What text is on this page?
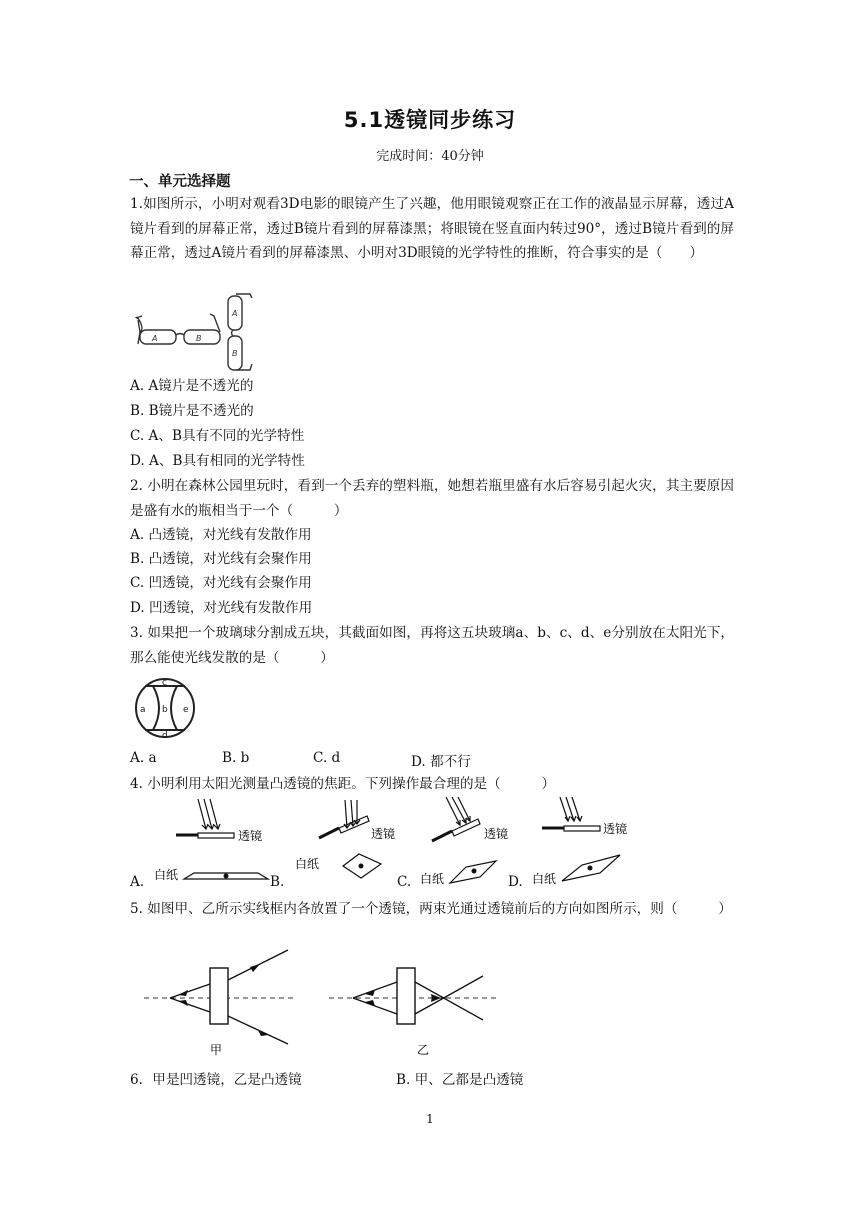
5.1透镜同步练习
完成时间：40分钟
一、单元选择题
1.如图所示，小明对观看3D电影的眼镜产生了兴趣，他用眼镜观察正在工作的液晶显示屏幕，透过A镜片看到的屏幕正常，透过B镜片看到的屏幕漆黑；将眼镜在竖直面内转过90°，透过B镜片看到的屏幕正常，透过A镜片看到的屏幕漆黑、小明对3D眼镜的光学特性的推断，符合事实的是（　　）
A	B
A
B
A. A镜片是不透光的
B. B镜片是不透光的
C. A、B具有不同的光学特性
D. A、B具有相同的光学特性
2. 小明在森林公园里玩时，看到一个丢弃的塑料瓶，她想若瓶里盛有水后容易引起火灾，其主要原因是盛有水的瓶相当于一个（　　　）
A. 凸透镜，对光线有发散作用
B. 凸透镜，对光线有会聚作用
C. 凹透镜，对光线有会聚作用
D. 凹透镜，对光线有发散作用
3. 如果把一个玻璃球分割成五块，其截面如图，再将这五块玻璃a、b、c、d、e分别放在太阳光下，那么能使光线发散的是（　　　）
a b
c
d
e
A. a	B. b	C. d	D. 都不行
4. 小明利用太阳光测量凸透镜的焦距。下列操作最合理的是（　　　）
透镜
白纸
A.
透镜
白纸
B.
透镜
白纸
C.
透镜
白纸
D.
5. 如图甲、乙所示实线框内各放置了一个透镜，两束光通过透镜前后的方向如图所示，则（　　　）
甲	乙
6．甲是凹透镜，乙是凸透镜	B. 甲、乙都是凸透镜
1
